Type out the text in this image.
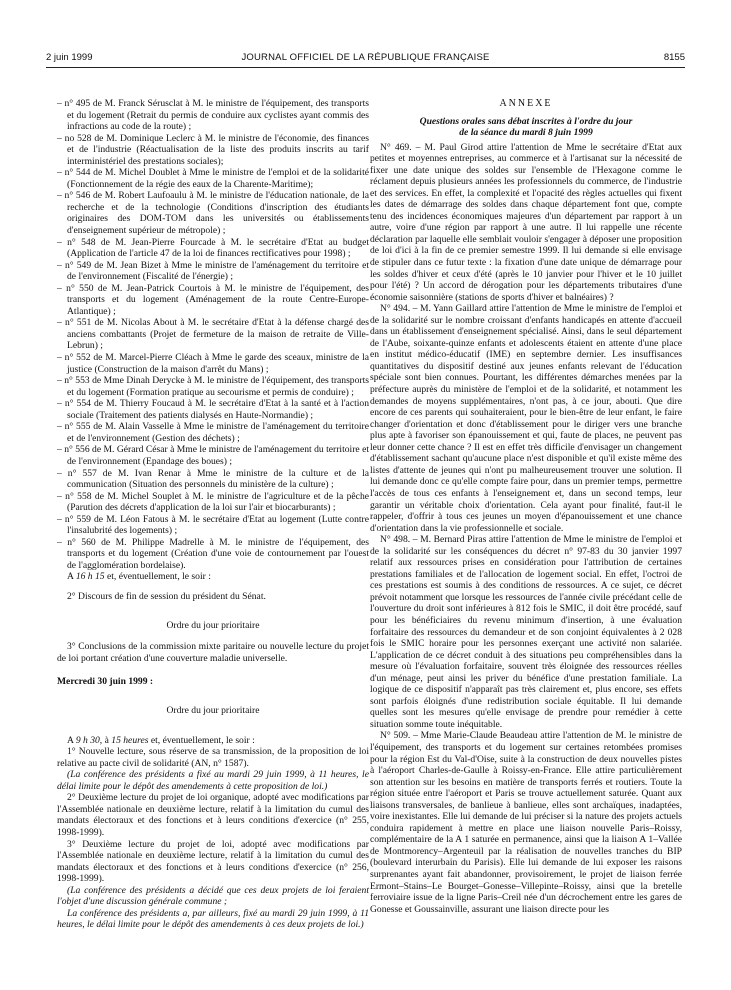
2 juin 1999	JOURNAL OFFICIEL DE LA RÉPUBLIQUE FRANÇAISE	8155

– n° 495 de M. Franck Sérusclat à M. le ministre de l'équipement, des transports et du logement (Retrait du permis de conduire aux cyclistes ayant commis des infractions au code de la route) ;

– no 528 de M. Dominique Leclerc à M. le ministre de l'économie, des finances et de l'industrie (Réactualisation de la liste des produits inscrits au tarif interministériel des prestations sociales);

– n° 544 de M. Michel Doublet à Mme le ministre de l'emploi et de la solidarité (Fonctionnement de la régie des eaux de la Charente-Maritime);

– n° 546 de M. Robert Laufoaulu à M. le ministre de l'éducation nationale, de la recherche et de la technologie (Conditions d'inscription des étudiants originaires des DOM-TOM dans les universités ou établissements d'enseignement supérieur de métropole) ;

– n° 548 de M. Jean-Pierre Fourcade à M. le secrétaire d'Etat au budget (Application de l'article 47 de la loi de finances rectificatives pour 1998) ;

– n° 549 de M. Jean Bizet à Mme le ministre de l'aménagement du territoire et de l'environnement (Fiscalité de l'énergie) ;

– n° 550 de M. Jean-Patrick Courtois à M. le ministre de l'équipement, des transports et du logement (Aménagement de la route Centre-Europe-Atlantique) ;

– n° 551 de M. Nicolas About à M. le secrétaire d'Etat à la défense chargé des anciens combattants (Projet de fermeture de la maison de retraite de Ville-Lebrun) ;

– n° 552 de M. Marcel-Pierre Cléach à Mme le garde des sceaux, ministre de la justice (Construction de la maison d'arrêt du Mans) ;

– n° 553 de Mme Dinah Derycke à M. le ministre de l'équipement, des transports et du logement (Formation pratique au secourisme et permis de conduire) ;

– n° 554 de M. Thierry Foucaud à M. le secrétaire d'Etat à la santé et à l'action sociale (Traitement des patients dialysés en Haute-Normandie) ;

– n° 555 de M. Alain Vasselle à Mme le ministre de l'aménagement du territoire et de l'environnement (Gestion des déchets) ;

– n° 556 de M. Gérard César à Mme le ministre de l'aménagement du territoire et de l'environnement (Epandage des boues) ;

– n° 557 de M. Ivan Renar à Mme le ministre de la culture et de la communication (Situation des personnels du ministère de la culture) ;

– n° 558 de M. Michel Souplet à M. le ministre de l'agriculture et de la pêche (Parution des décrets d'application de la loi sur l'air et biocarburants) ;

– n° 559 de M. Léon Fatous à M. le secrétaire d'Etat au logement (Lutte contre l'insalubrité des logements) ;

– n° 560 de M. Philippe Madrelle à M. le ministre de l'équipement, des transports et du logement (Création d'une voie de contournement par l'ouest de l'agglomération bordelaise).

A 16 h 15 et, éventuellement, le soir :

2° Discours de fin de session du président du Sénat.

Ordre du jour prioritaire

3° Conclusions de la commission mixte paritaire ou nouvelle lecture du projet de loi portant création d'une couverture maladie universelle.

Mercredi 30 juin 1999 :

Ordre du jour prioritaire

A 9 h 30, à 15 heures et, éventuellement, le soir :

1° Nouvelle lecture, sous réserve de sa transmission, de la proposition de loi relative au pacte civil de solidarité (AN, n° 1587).

(La conférence des présidents a fixé au mardi 29 juin 1999, à 11 heures, le délai limite pour le dépôt des amendements à cette proposition de loi.)

2° Deuxième lecture du projet de loi organique, adopté avec modifications par l'Assemblée nationale en deuxième lecture, relatif à la limitation du cumul des mandats électoraux et des fonctions et à leurs conditions d'exercice (n° 255, 1998-1999).

3° Deuxième lecture du projet de loi, adopté avec modifications par l'Assemblée nationale en deuxième lecture, relatif à la limitation du cumul des mandats électoraux et des fonctions et à leurs conditions d'exercice (n° 256, 1998-1999).

(La conférence des présidents a décidé que ces deux projets de loi feraient l'objet d'une discussion générale commune ;

La conférence des présidents a, par ailleurs, fixé au mardi 29 juin 1999, à 11 heures, le délai limite pour le dépôt des amendements à ces deux projets de loi.)

ANNEXE
Questions orales sans débat inscrites à l'ordre du jour
de la séance du mardi 8 juin 1999

N° 469. – M. Paul Girod attire l'attention de Mme le secrétaire d'Etat aux petites et moyennes entreprises, au commerce et à l'artisanat sur la nécessité de fixer une date unique des soldes sur l'ensemble de l'Hexagone comme le réclament depuis plusieurs années les professionnels du commerce, de l'industrie et des services. En effet, la complexité et l'opacité des règles actuelles qui fixent les dates de démarrage des soldes dans chaque département font que, compte tenu des incidences économiques majeures d'un département par rapport à un autre, voire d'une région par rapport à une autre. Il lui rappelle une récente déclaration par laquelle elle semblait vouloir s'engager à déposer une proposition de loi d'ici à la fin de ce premier semestre 1999. Il lui demande si elle envisage de stipuler dans ce futur texte : la fixation d'une date unique de démarrage pour les soldes d'hiver et ceux d'été (après le 10 janvier pour l'hiver et le 10 juillet pour l'été) ? Un accord de dérogation pour les départements tributaires d'une économie saisonnière (stations de sports d'hiver et balnéaires) ?

N° 494. – M. Yann Gaillard attire l'attention de Mme le ministre de l'emploi et de la solidarité sur le nombre croissant d'enfants handicapés en attente d'accueil dans un établissement d'enseignement spécialisé. Ainsi, dans le seul département de l'Aube, soixante-quinze enfants et adolescents étaient en attente d'une place en institut médico-éducatif (IME) en septembre dernier. Les insuffisances quantitatives du dispositif destiné aux jeunes enfants relevant de l'éducation spéciale sont bien connues. Pourtant, les différentes démarches menées par la préfecture auprès du ministère de l'emploi et de la solidarité, et notamment les demandes de moyens supplémentaires, n'ont pas, à ce jour, abouti. Que dire encore de ces parents qui souhaiteraient, pour le bien-être de leur enfant, le faire changer d'orientation et donc d'établissement pour le diriger vers une branche plus apte à favoriser son épanouissement et qui, faute de places, ne peuvent pas leur donner cette chance ? Il est en effet très difficile d'envisager un changement d'établissement sachant qu'aucune place n'est disponible et qu'il existe même des listes d'attente de jeunes qui n'ont pu malheureusement trouver une solution. Il lui demande donc ce qu'elle compte faire pour, dans un premier temps, permettre l'accès de tous ces enfants à l'enseignement et, dans un second temps, leur garantir un véritable choix d'orientation. Cela ayant pour finalité, faut-il le rappeler, d'offrir à tous ces jeunes un moyen d'épanouissement et une chance d'orientation dans la vie professionnelle et sociale.

N° 498. – M. Bernard Piras attire l'attention de Mme le ministre de l'emploi et de la solidarité sur les conséquences du décret n° 97-83 du 30 janvier 1997 relatif aux ressources prises en considération pour l'attribution de certaines prestations familiales et de l'allocation de logement social. En effet, l'octroi de ces prestations est soumis à des conditions de ressources. A ce sujet, ce décret prévoit notamment que lorsque les ressources de l'année civile précédant celle de l'ouverture du droit sont inférieures à 812 fois le SMIC, il doit être procédé, sauf pour les bénéficiaires du revenu minimum d'insertion, à une évaluation forfaitaire des ressources du demandeur et de son conjoint équivalentes à 2 028 fois le SMIC horaire pour les personnes exerçant une activité non salariée. L'application de ce décret conduit à des situations peu compréhensibles dans la mesure où l'évaluation forfaitaire, souvent très éloignée des ressources réelles d'un ménage, peut ainsi les priver du bénéfice d'une prestation familiale. La logique de ce dispositif n'apparaît pas très clairement et, plus encore, ses effets sont parfois éloignés d'une redistribution sociale équitable. Il lui demande quelles sont les mesures qu'elle envisage de prendre pour remédier à cette situation somme toute inéquitable.

N° 509. – Mme Marie-Claude Beaudeau attire l'attention de M. le ministre de l'équipement, des transports et du logement sur certaines retombées promises pour la région Est du Val-d'Oise, suite à la construction de deux nouvelles pistes à l'aéroport Charles-de-Gaulle à Roissy-en-France. Elle attire particulièrement son attention sur les besoins en matière de transports ferrés et routiers. Toute la région située entre l'aéroport et Paris se trouve actuellement saturée. Quant aux liaisons transversales, de banlieue à banlieue, elles sont archaïques, inadaptées, voire inexistantes. Elle lui demande de lui préciser si la nature des projets actuels conduira rapidement à mettre en place une liaison nouvelle Paris–Roissy, complémentaire de la A 1 saturée en permanence, ainsi que la liaison A 1–Vallée de Montmorency–Argenteuil par la réalisation de nouvelles tranches du BIP (boulevard interurbain du Parisis). Elle lui demande de lui exposer les raisons surprenantes ayant fait abandonner, provisoirement, le projet de liaison ferrée Ermont–Stains–Le Bourget–Gonesse–Villepinte–Roissy, ainsi que la bretelle ferroviaire issue de la ligne Paris–Creil née d'un décrochement entre les gares de Gonesse et Goussainville, assurant une liaison directe pour les
